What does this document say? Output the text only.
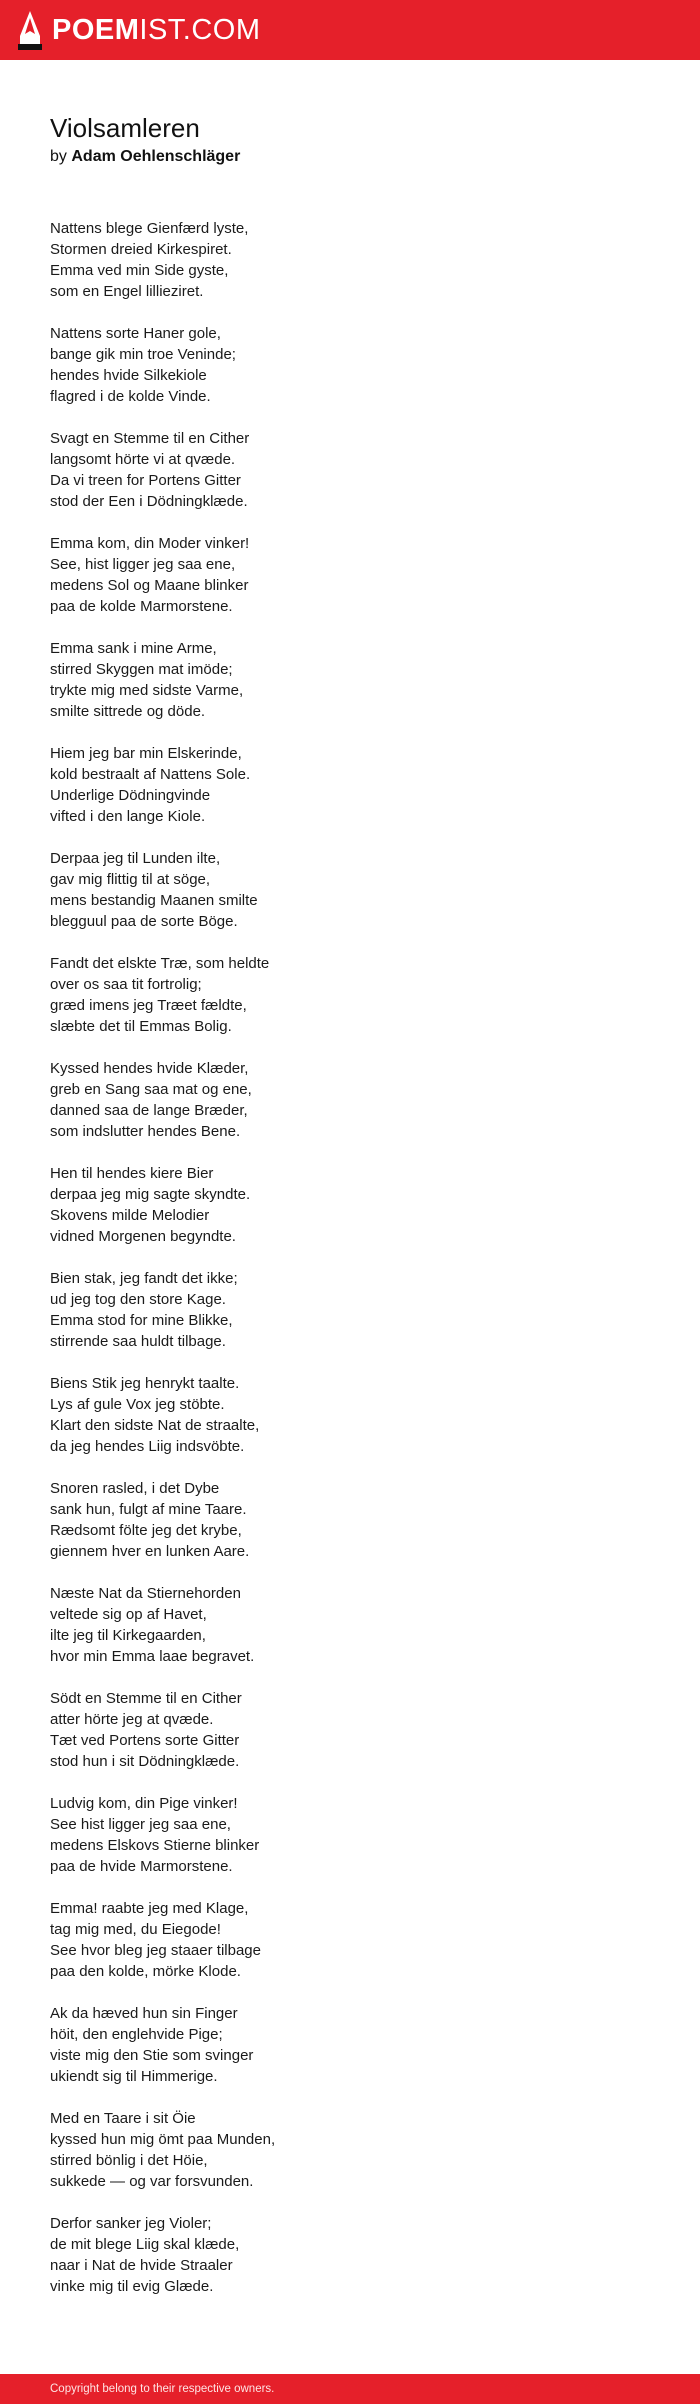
POEMIST.COM
Violsamleren
by Adam Oehlenschläger
Nattens blege Gienfærd lyste,
Stormen dreied Kirkespiret.
Emma ved min Side gyste,
som en Engel lillieziret.
Nattens sorte Haner gole,
bange gik min troe Veninde;
hendes hvide Silkekiole
flagred i de kolde Vinde.
Svagt en Stemme til en Cither
langsomt hörte vi at qvæde.
Da vi treen for Portens Gitter
stod der Een i Dödningklæde.
Emma kom, din Moder vinker!
See, hist ligger jeg saa ene,
medens Sol og Maane blinker
paa de kolde Marmorstene.
Emma sank i mine Arme,
stirred Skyggen mat imöde;
trykte mig med sidste Varme,
smilte sittrede og döde.
Hiem jeg bar min Elskerinde,
kold bestraalt af Nattens Sole.
Underlige Dödningvinde
vifted i den lange Kiole.
Derpaa jeg til Lunden ilte,
gav mig flittig til at söge,
mens bestandig Maanen smilte
blegguul paa de sorte Böge.
Fandt det elskte Træ, som heldte
over os saa tit fortrolig;
græd imens jeg Træet fældte,
slæbte det til Emmas Bolig.
Kyssed hendes hvide Klæder,
greb en Sang saa mat og ene,
danned saa de lange Bræder,
som indslutter hendes Bene.
Hen til hendes kiere Bier
derpaa jeg mig sagte skyndte.
Skovens milde Melodier
vidned Morgenen begyndte.
Bien stak, jeg fandt det ikke;
ud jeg tog den store Kage.
Emma stod for mine Blikke,
stirrende saa huldt tilbage.
Biens Stik jeg henrykt taalte.
Lys af gule Vox jeg stöbte.
Klart den sidste Nat de straalte,
da jeg hendes Liig indsvöbte.
Snoren rasled, i det Dybe
sank hun, fulgt af mine Taare.
Rædsomt fölte jeg det krybe,
giennem hver en lunken Aare.
Næste Nat da Stiernehorden
veltede sig op af Havet,
ilte jeg til Kirkegaarden,
hvor min Emma laae begravet.
Södt en Stemme til en Cither
atter hörte jeg at qvæde.
Tæt ved Portens sorte Gitter
stod hun i sit Dödningklæde.
Ludvig kom, din Pige vinker!
See hist ligger jeg saa ene,
medens Elskovs Stierne blinker
paa de hvide Marmorstene.
Emma! raabte jeg med Klage,
tag mig med, du Eiegode!
See hvor bleg jeg staaer tilbage
paa den kolde, mörke Klode.
Ak da hæved hun sin Finger
höit, den englehvide Pige;
viste mig den Stie som svinger
ukiendt sig til Himmerige.
Med en Taare i sit Öie
kyssed hun mig ömt paa Munden,
stirred bönlig i det Höie,
sukkede — og var forsvunden.
Derfor sanker jeg Violer;
de mit blege Liig skal klæde,
naar i Nat de hvide Straaler
vinke mig til evig Glæde.
Copyright belong to their respective owners.
